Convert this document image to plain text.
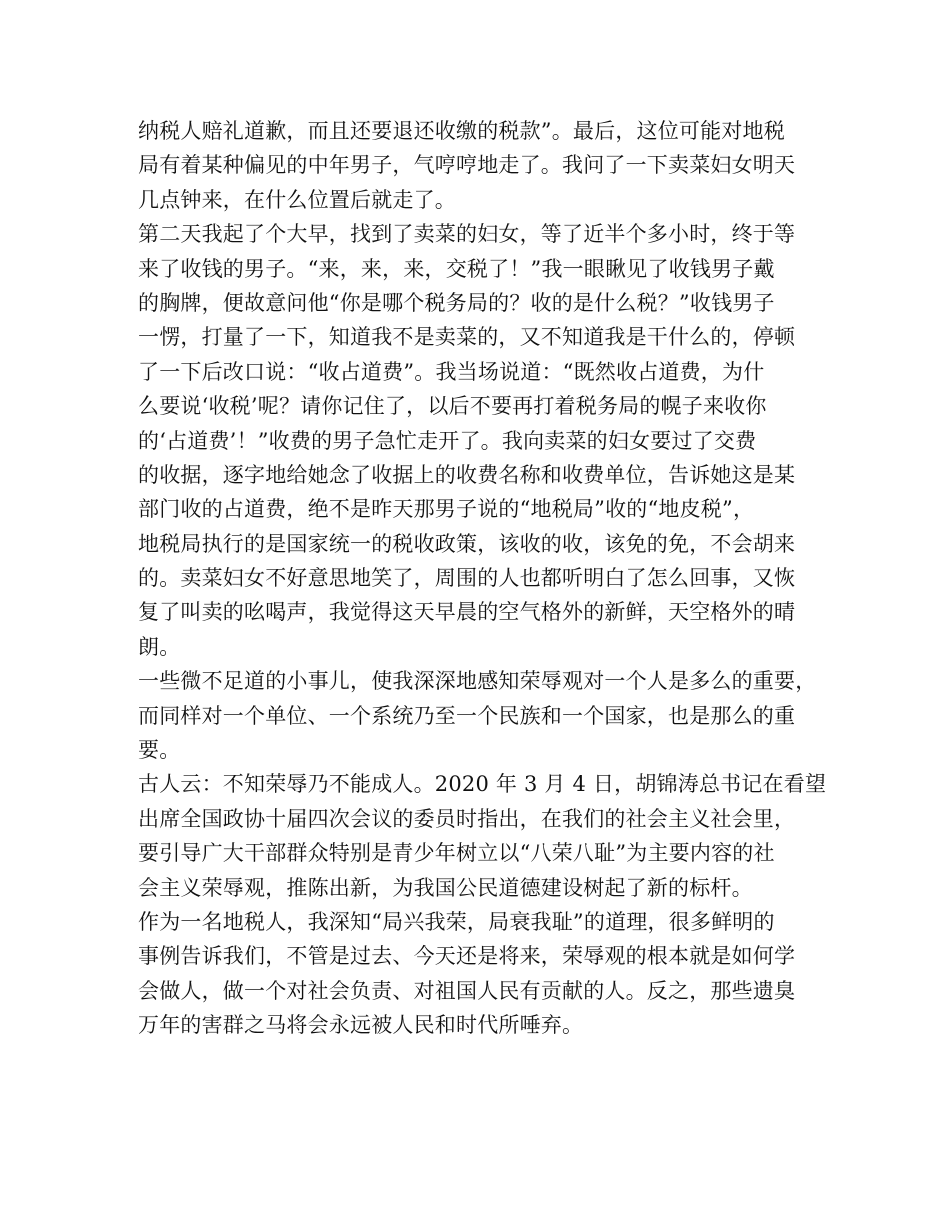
纳税人赔礼道歉，而且还要退还收缴的税款”。最后，这位可能对地税
局有着某种偏见的中年男子，气哼哼地走了。我问了一下卖菜妇女明天
几点钟来，在什么位置后就走了。
第二天我起了个大早，找到了卖菜的妇女，等了近半个多小时，终于等
来了收钱的男子。“来，来，来，交税了！”我一眼瞅见了收钱男子戴
的胸牌，便故意问他“你是哪个税务局的？收的是什么税？”收钱男子
一愣，打量了一下，知道我不是卖菜的，又不知道我是干什么的，停顿
了一下后改口说：“收占道费”。我当场说道：“既然收占道费，为什
么要说‘收税’呢？请你记住了，以后不要再打着税务局的幌子来收你
的‘占道费’！”收费的男子急忙走开了。我向卖菜的妇女要过了交费
的收据，逐字地给她念了收据上的收费名称和收费单位，告诉她这是某
部门收的占道费，绝不是昨天那男子说的“地税局”收的“地皮税”，
地税局执行的是国家统一的税收政策，该收的收，该免的免，不会胡来
的。卖菜妇女不好意思地笑了，周围的人也都听明白了怎么回事，又恢
复了叫卖的吆喝声，我觉得这天早晨的空气格外的新鲜，天空格外的晴
朗。
一些微不足道的小事儿，使我深深地感知荣辱观对一个人是多么的重要，
而同样对一个单位、一个系统乃至一个民族和一个国家，也是那么的重
要。
古人云：不知荣辱乃不能成人。2020 年 3 月 4 日，胡锦涛总书记在看望
出席全国政协十届四次会议的委员时指出，在我们的社会主义社会里，
要引导广大干部群众特别是青少年树立以“八荣八耻”为主要内容的社
会主义荣辱观，推陈出新，为我国公民道德建设树起了新的标杆。
作为一名地税人，我深知“局兴我荣，局衰我耻”的道理，很多鲜明的
事例告诉我们，不管是过去、今天还是将来，荣辱观的根本就是如何学
会做人，做一个对社会负责、对祖国人民有贡献的人。反之，那些遗臭
万年的害群之马将会永远被人民和时代所唾弃。
